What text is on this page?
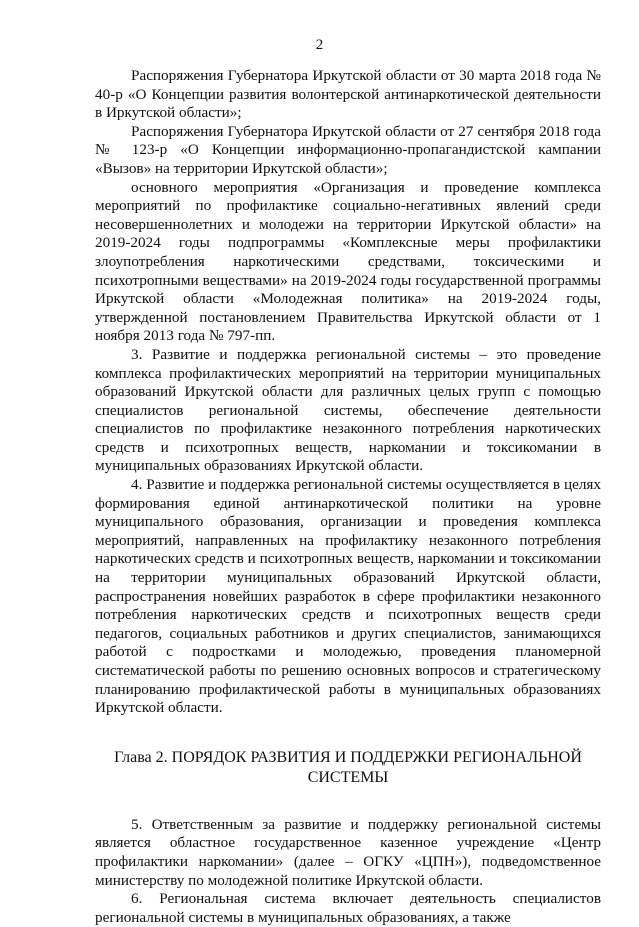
2

Распоряжения Губернатора Иркутской области от 30 марта 2018 года № 40-р «О Концепции развития волонтерской антинаркотической деятельности в Иркутской области»;

Распоряжения Губернатора Иркутской области от 27 сентября 2018 года № 123-р «О Концепции информационно-пропагандистской кампании «Вызов» на территории Иркутской области»;

основного мероприятия «Организация и проведение комплекса мероприятий по профилактике социально-негативных явлений среди несовершеннолетних и молодежи на территории Иркутской области» на 2019-2024 годы подпрограммы «Комплексные меры профилактики злоупотребления наркотическими средствами, токсическими и психотропными веществами» на 2019-2024 годы государственной программы Иркутской области «Молодежная политика» на 2019-2024 годы, утвержденной постановлением Правительства Иркутской области от 1 ноября 2013 года № 797-пп.

3. Развитие и поддержка региональной системы – это проведение комплекса профилактических мероприятий на территории муниципальных образований Иркутской области для различных целых групп с помощью специалистов региональной системы, обеспечение деятельности специалистов по профилактике незаконного потребления наркотических средств и психотропных веществ, наркомании и токсикомании в муниципальных образованиях Иркутской области.

4. Развитие и поддержка региональной системы осуществляется в целях формирования единой антинаркотической политики на уровне муниципального образования, организации и проведения комплекса мероприятий, направленных на профилактику незаконного потребления наркотических средств и психотропных веществ, наркомании и токсикомании на территории муниципальных образований Иркутской области, распространения новейших разработок в сфере профилактики незаконного потребления наркотических средств и психотропных веществ среди педагогов, социальных работников и других специалистов, занимающихся работой с подростками и молодежью, проведения планомерной систематической работы по решению основных вопросов и стратегическому планированию профилактической работы в муниципальных образованиях Иркутской области.

Глава 2. ПОРЯДОК РАЗВИТИЯ И ПОДДЕРЖКИ РЕГИОНАЛЬНОЙ
СИСТЕМЫ

5. Ответственным за развитие и поддержку региональной системы является областное государственное казенное учреждение «Центр профилактики наркомании» (далее – ОГКУ «ЦПН»), подведомственное министерству по молодежной политике Иркутской области.

6. Региональная система включает деятельность специалистов региональной системы в муниципальных образованиях, а также
